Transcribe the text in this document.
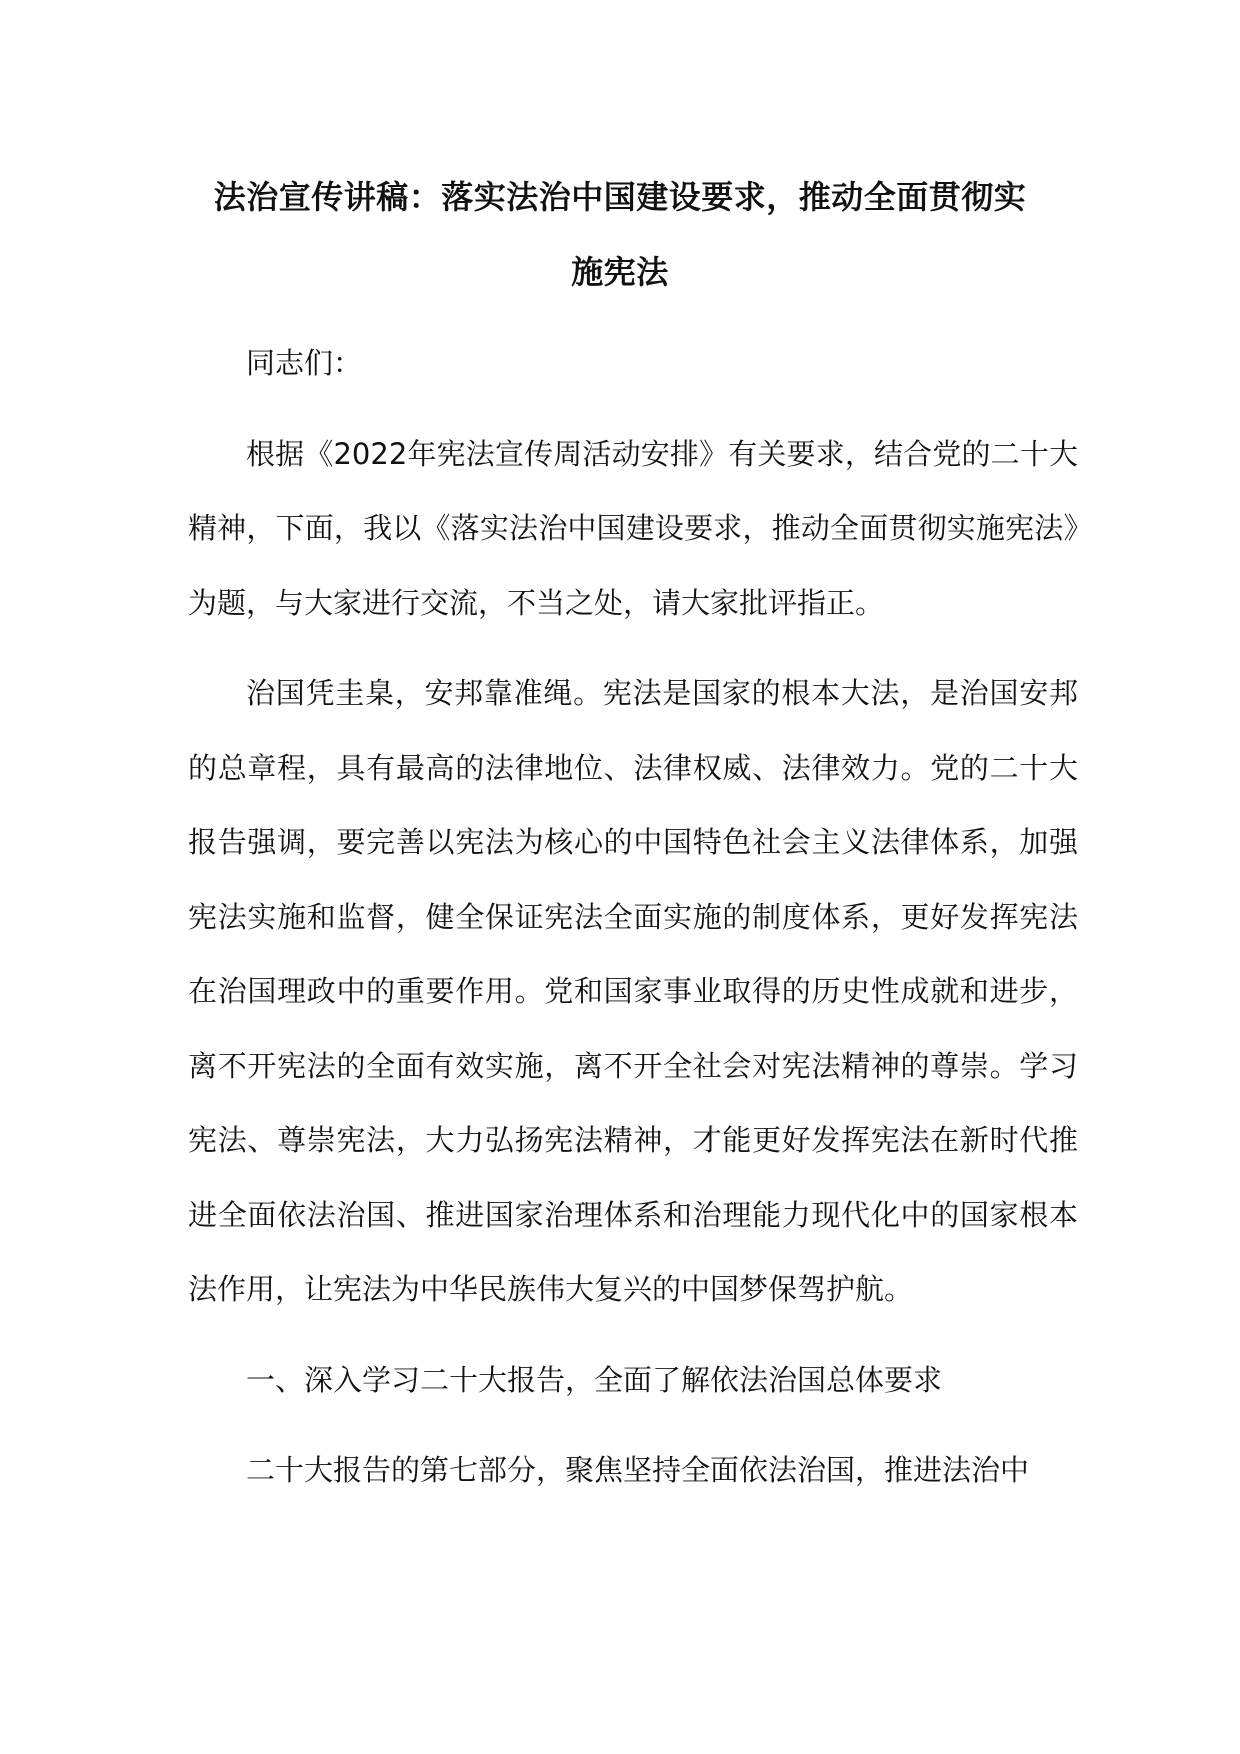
法治宣传讲稿：落实法治中国建设要求，推动全面贯彻实
施宪法

同志们：

根据《2022年宪法宣传周活动安排》有关要求，结合党的二十大精神，下面，我以《落实法治中国建设要求，推动全面贯彻实施宪法》为题，与大家进行交流，不当之处，请大家批评指正。

治国凭圭臬，安邦靠准绳。宪法是国家的根本大法，是治国安邦的总章程，具有最高的法律地位、法律权威、法律效力。党的二十大报告强调，要完善以宪法为核心的中国特色社会主义法律体系，加强宪法实施和监督，健全保证宪法全面实施的制度体系，更好发挥宪法在治国理政中的重要作用。党和国家事业取得的历史性成就和进步，离不开宪法的全面有效实施，离不开全社会对宪法精神的尊崇。学习宪法、尊崇宪法，大力弘扬宪法精神，才能更好发挥宪法在新时代推进全面依法治国、推进国家治理体系和治理能力现代化中的国家根本法作用，让宪法为中华民族伟大复兴的中国梦保驾护航。

一、深入学习二十大报告，全面了解依法治国总体要求

二十大报告的第七部分，聚焦坚持全面依法治国，推进法治中
